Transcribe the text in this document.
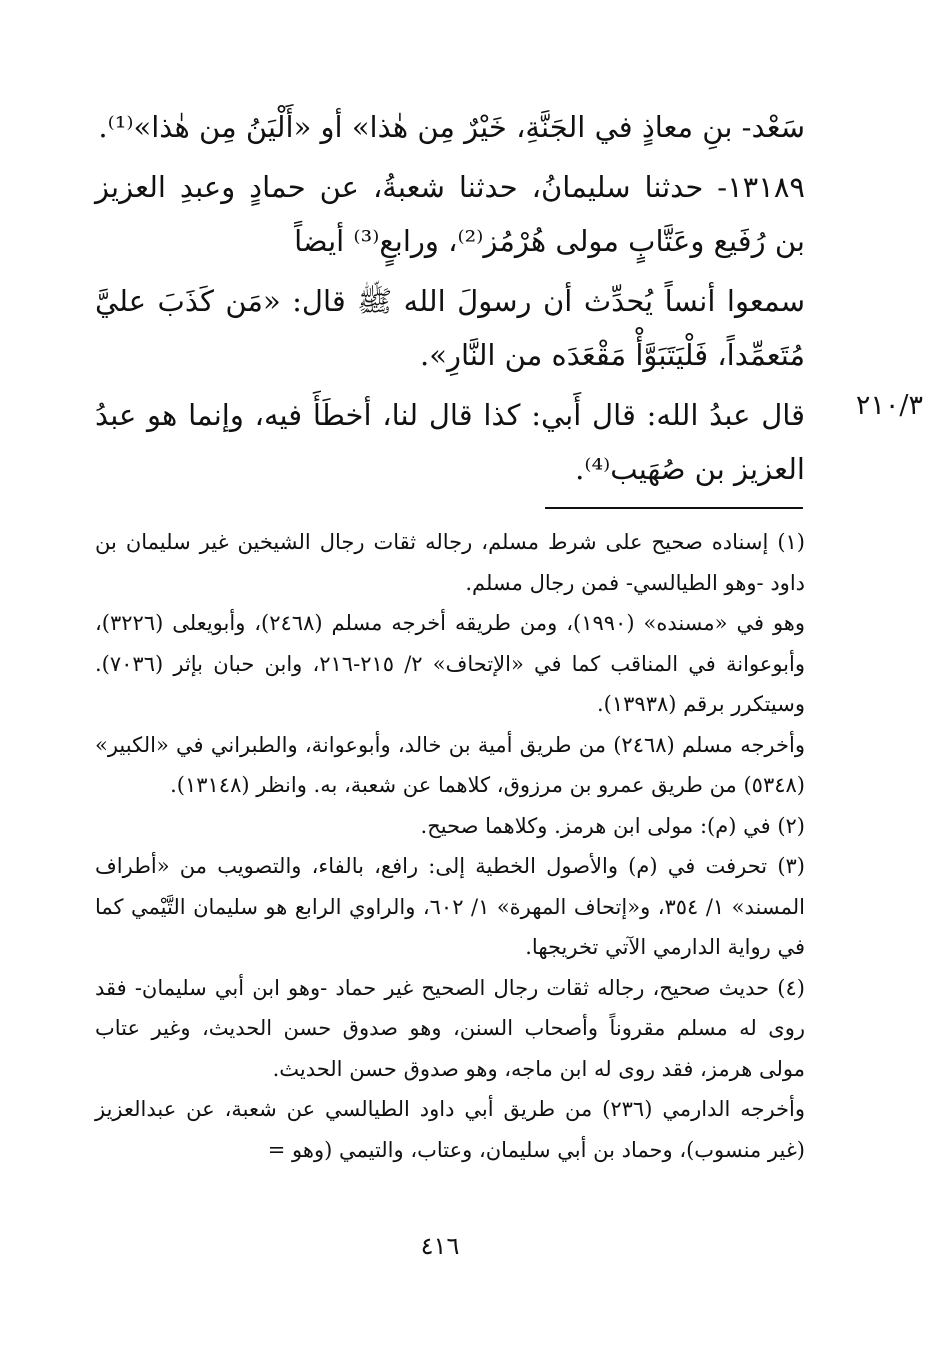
سَعْد- بنِ معاذٍ في الجَنَّةِ، خَيْرٌ مِن هٰذا» أو «أَلْيَنُ مِن هٰذا»⁽¹⁾.

١٣١٨٩- حدثنا سليمانُ، حدثنا شعبةُ، عن حمادٍ وعبدِ العزيز بن رُفَيع وعَتَّابٍ مولى هُرْمُز⁽²⁾، ورابعٍ⁽³⁾ أيضاً

سمعوا أنساً يُحدِّث أن رسولَ الله ﷺ قال: «مَن كَذَبَ عليَّ مُتَعمِّداً، فَلْيَتَبَوَّأْ مَقْعَدَه من النَّارِ».

قال عبدُ الله: قال أَبي: كذا قال لنا، أخطَأَ فيه، وإنما هو عبدُ العزيز بن صُهَيب⁽⁴⁾.

٢١٠/٣

(١) إسناده صحيح على شرط مسلم، رجاله ثقات رجال الشيخين غير سليمان بن داود -وهو الطيالسي- فمن رجال مسلم.

وهو في «مسنده» (١٩٩٠)، ومن طريقه أخرجه مسلم (٢٤٦٨)، وأبويعلى (٣٢٢٦)، وأبوعوانة في المناقب كما في «الإتحاف» ٢/ ٢١٥-٢١٦، وابن حبان بإثر (٧٠٣٦). وسيتكرر برقم (١٣٩٣٨).

وأخرجه مسلم (٢٤٦٨) من طريق أمية بن خالد، وأبوعوانة، والطبراني في «الكبير» (٥٣٤٨) من طريق عمرو بن مرزوق، كلاهما عن شعبة، به. وانظر (١٣١٤٨).

(٢) في (م): مولى ابن هرمز. وكلاهما صحيح.

(٣) تحرفت في (م) والأصول الخطية إلى: رافع، بالفاء، والتصويب من «أطراف المسند» ١/ ٣٥٤، و«إتحاف المهرة» ١/ ٦٠٢، والراوي الرابع هو سليمان التَّيْمي كما في رواية الدارمي الآتي تخريجها.

(٤) حديث صحيح، رجاله ثقات رجال الصحيح غير حماد -وهو ابن أبي سليمان- فقد روى له مسلم مقروناً وأصحاب السنن، وهو صدوق حسن الحديث، وغير عتاب مولى هرمز، فقد روى له ابن ماجه، وهو صدوق حسن الحديث.

وأخرجه الدارمي (٢٣٦) من طريق أبي داود الطيالسي عن شعبة، عن عبدالعزيز (غير منسوب)، وحماد بن أبي سليمان، وعتاب، والتيمي (وهو =

٤١٦
